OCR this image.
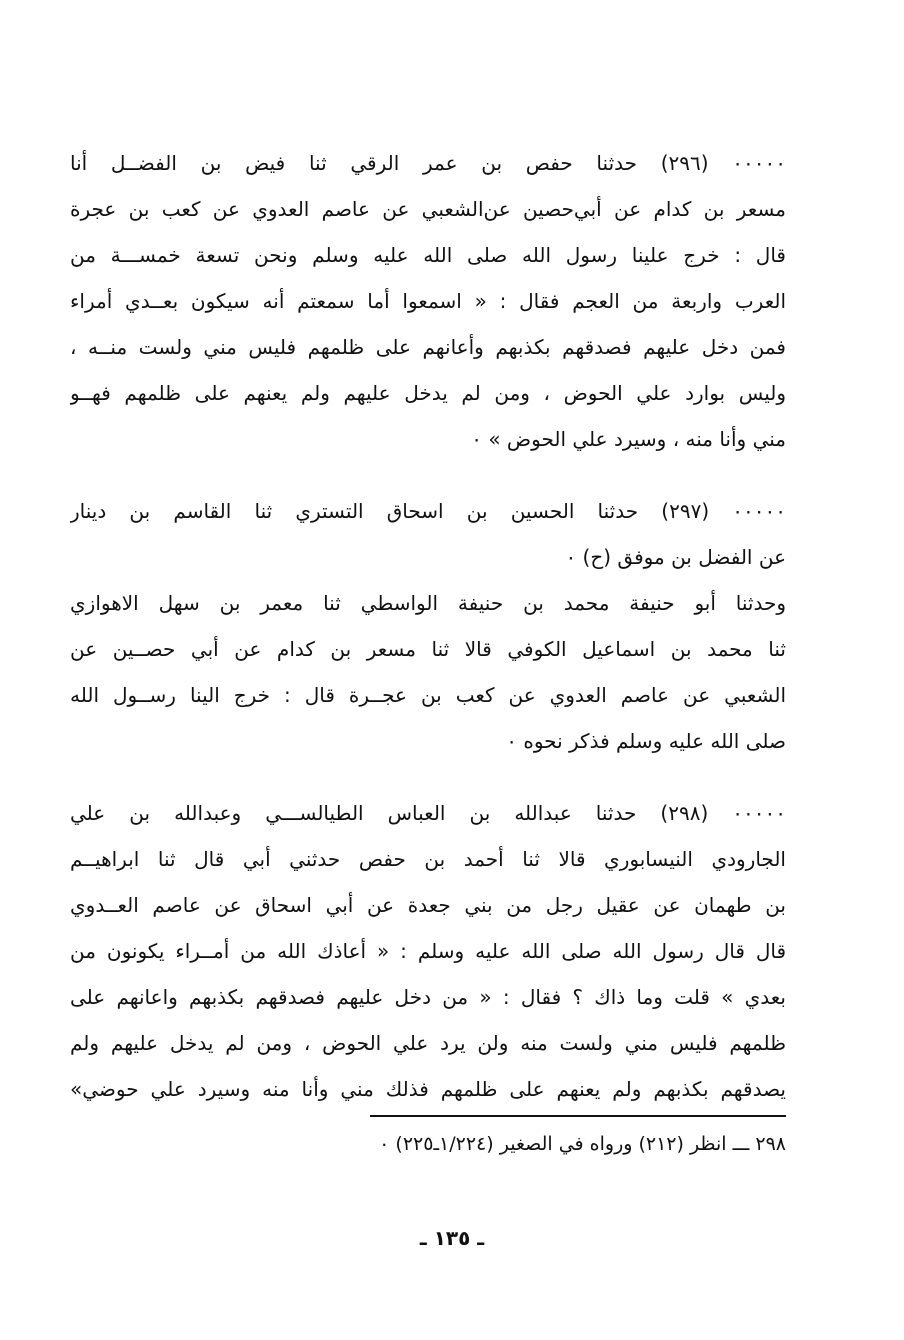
٠٠٠٠٠ (٢٩٦) حدثنا حفص بن عمر الرقي ثنا فيض بن الفضــل أنا
مسعر بن كدام عن أبي‌حصين عن‌الشعبي عن عاصم العدوي عن كعب بن عجرة
قال : خرج علينا رسول الله صلى الله عليه وسلم ونحن تسعة خمســـة من
العرب واربعة من العجم فقال : « اسمعوا أما سمعتم أنه سيكون بعــدي أمراء
فمن دخل عليهم فصدقهم بكذبهم وأعانهم على ظلمهم فليس مني ولست منــه ،
وليس بوارد علي الحوض ، ومن لم يدخل عليهم ولم يعنهم على ظلمهم فهــو
مني وأنا منه ، وسيرد علي الحوض » ٠
٠٠٠٠٠ (٢٩٧) حدثنا الحسين بن اسحاق التستري ثنا القاسم بن دينار
عن الفضل بن موفق (ح) ٠
وحدثنا أبو حنيفة محمد بن حنيفة الواسطي ثنا معمر بن سهل الاهوازي
ثنا محمد بن اسماعيل الكوفي قالا ثنا مسعر بن كدام عن أبي حصــين عن
الشعبي عن عاصم العدوي عن كعب بن عجــرة قال : خرج الينا رســول الله
صلى الله عليه وسلم فذكر نحوه ٠
٠٠٠٠٠ (٢٩٨) حدثنا عبدالله بن العباس الطيالســـي وعبدالله بن علي
الجارودي النيسابوري قالا ثنا أحمد بن حفص حدثني أبي قال ثنا ابراهيــم
بن طهمان عن عقيل رجل من بني جعدة عن أبي اسحاق عن عاصم العــدوي
قال قال رسول الله صلى الله عليه وسلم : « أعاذك الله من أمــراء يكونون من
بعدي » قلت وما ذاك ؟ فقال : « من دخل عليهم فصدقهم بكذبهم واعانهم على
ظلمهم فليس مني ولست منه ولن يرد علي الحوض ، ومن لم يدخل عليهم ولم
يصدقهم بكذبهم ولم يعنهم على ظلمهم فذلك مني وأنا منه وسيرد علي حوضي»
٢٩٨ ـــ انظر (٢١٢) ورواه في الصغير (١/٢٢٤ـ٢٢٥) ٠
ـ ١٣٥ ـ
